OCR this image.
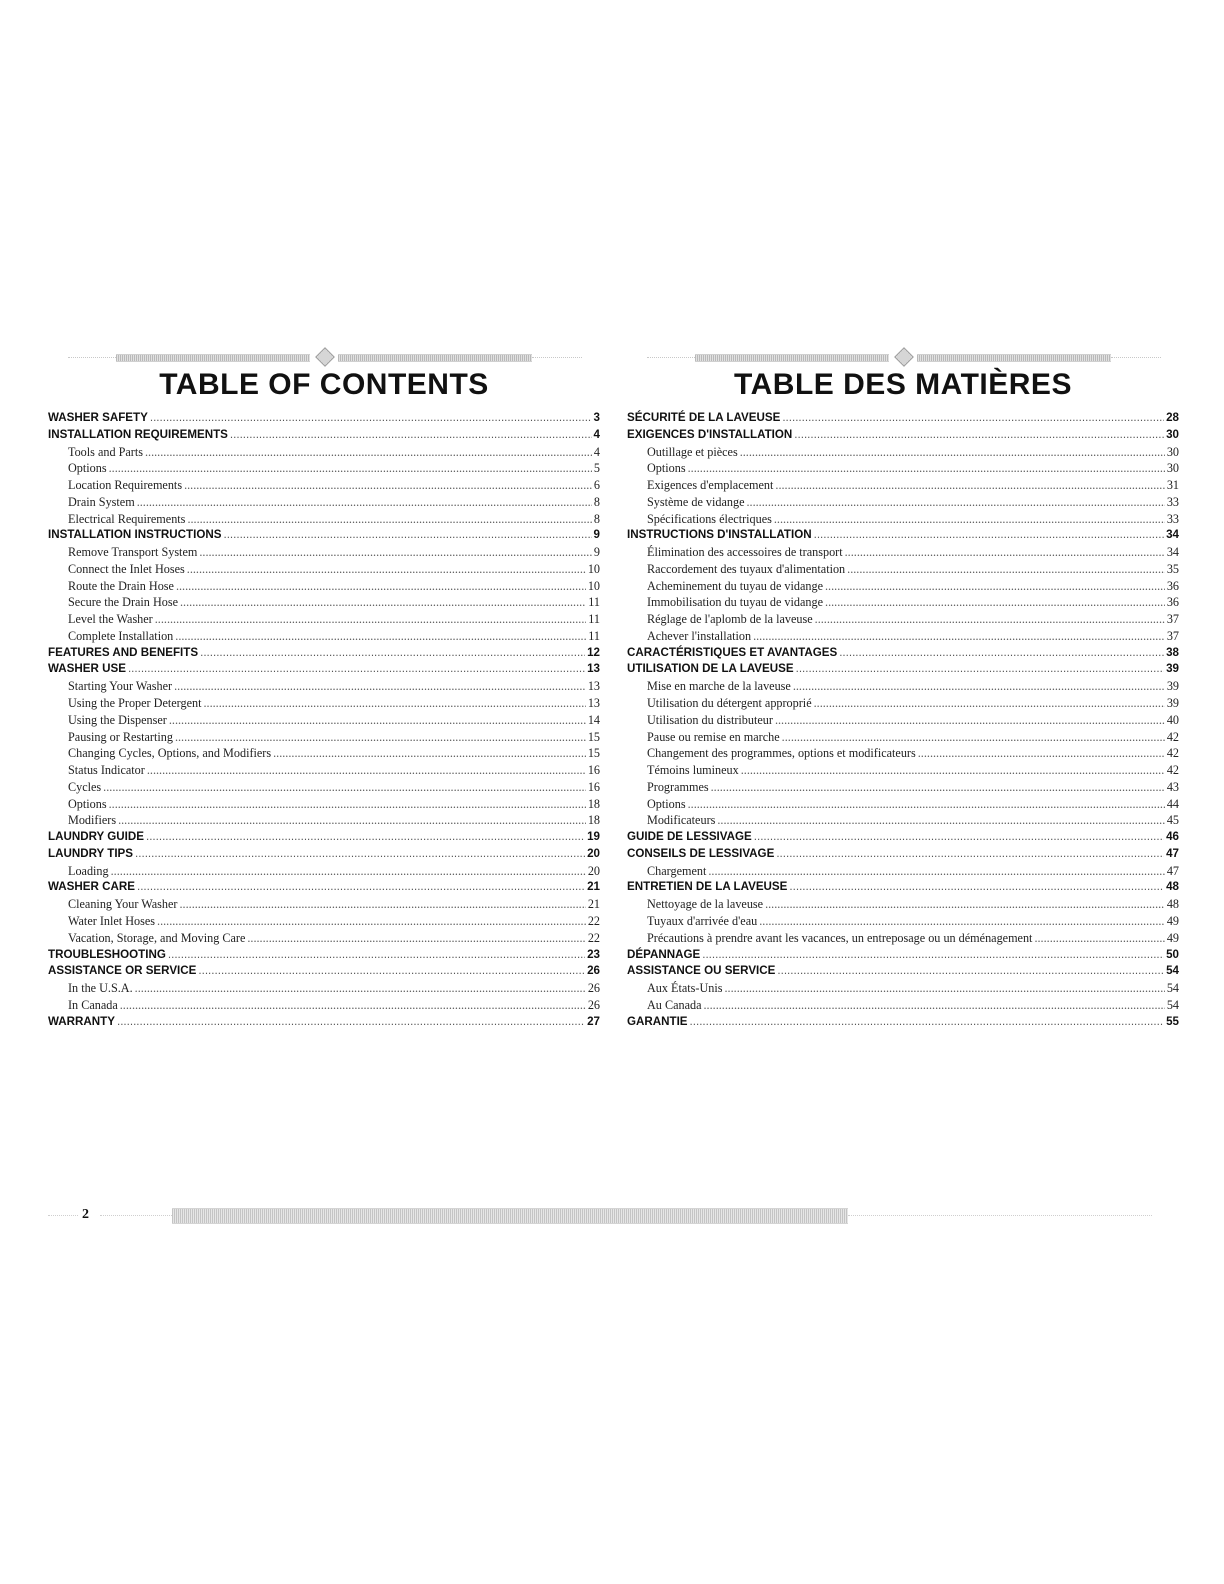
TABLE OF CONTENTS
WASHER SAFETY .....	3
INSTALLATION REQUIREMENTS .....	4
Tools and Parts .....	4
Options .....	5
Location Requirements .....	6
Drain System .....	8
Electrical Requirements .....	8
INSTALLATION INSTRUCTIONS .....	9
Remove Transport System .....	9
Connect the Inlet Hoses .....	10
Route the Drain Hose .....	10
Secure the Drain Hose .....	11
Level the Washer .....	11
Complete Installation .....	11
FEATURES AND BENEFITS .....	12
WASHER USE .....	13
Starting Your Washer .....	13
Using the Proper Detergent .....	13
Using the Dispenser .....	14
Pausing or Restarting .....	15
Changing Cycles, Options, and Modifiers .....	15
Status Indicator .....	16
Cycles .....	16
Options .....	18
Modifiers .....	18
LAUNDRY GUIDE .....	19
LAUNDRY TIPS .....	20
Loading .....	20
WASHER CARE .....	21
Cleaning Your Washer .....	21
Water Inlet Hoses .....	22
Vacation, Storage, and Moving Care .....	22
TROUBLESHOOTING .....	23
ASSISTANCE OR SERVICE .....	26
In the U.S.A. .....	26
In Canada .....	26
WARRANTY .....	27
TABLE DES MATIÈRES
SÉCURITÉ DE LA LAVEUSE .....	28
EXIGENCES D'INSTALLATION .....	30
Outillage et pièces .....	30
Options .....	30
Exigences d'emplacement .....	31
Système de vidange .....	33
Spécifications électriques .....	33
INSTRUCTIONS D'INSTALLATION .....	34
Élimination des accessoires de transport .....	34
Raccordement des tuyaux d'alimentation .....	35
Acheminement du tuyau de vidange .....	36
Immobilisation du tuyau de vidange .....	36
Réglage de l'aplomb de la laveuse .....	37
Achever l'installation .....	37
CARACTÉRISTIQUES ET AVANTAGES .....	38
UTILISATION DE LA LAVEUSE .....	39
Mise en marche de la laveuse .....	39
Utilisation du détergent approprié .....	39
Utilisation du distributeur .....	40
Pause ou remise en marche .....	42
Changement des programmes, options et modificateurs .....	42
Témoins lumineux .....	42
Programmes .....	43
Options .....	44
Modificateurs .....	45
GUIDE DE LESSIVAGE .....	46
CONSEILS DE LESSIVAGE .....	47
Chargement .....	47
ENTRETIEN DE LA LAVEUSE .....	48
Nettoyage de la laveuse .....	48
Tuyaux d'arrivée d'eau .....	49
Précautions à prendre avant les vacances, un entreposage ou un déménagement .....	49
DÉPANNAGE .....	50
ASSISTANCE OU SERVICE .....	54
Aux États-Unis .....	54
Au Canada .....	54
GARANTIE .....	55
2
